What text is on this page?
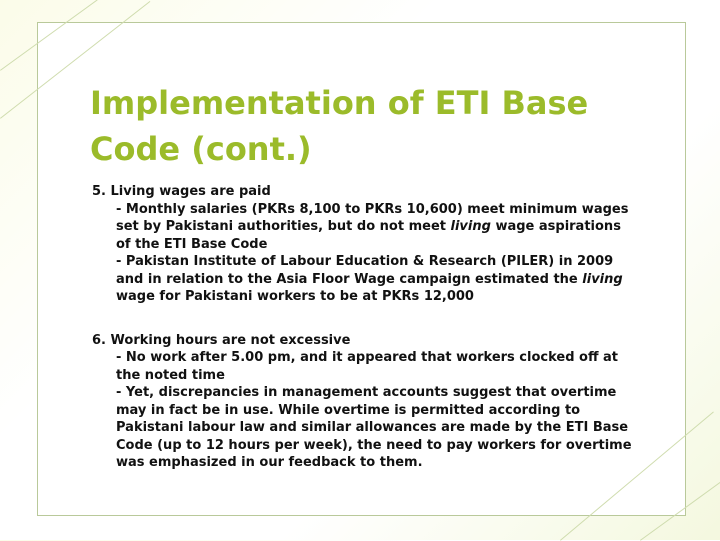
Implementation of ETI Base
Code (cont.)
5. Living wages are paid
- Monthly salaries (PKRs 8,100 to PKRs 10,600) meet minimum wages set by Pakistani authorities, but do not meet living wage aspirations of the ETI Base Code
- Pakistan Institute of Labour Education & Research (PILER) in 2009 and in relation to the Asia Floor Wage campaign estimated the living wage for Pakistani workers to be at PKRs 12,000
6. Working hours are not excessive
- No work after 5.00 pm, and it appeared that workers clocked off at the noted time
- Yet, discrepancies in management accounts suggest that overtime may in fact be in use. While overtime is permitted according to Pakistani labour law and similar allowances are made by the ETI Base Code (up to 12 hours per week), the need to pay workers for overtime was emphasized in our feedback to them.
